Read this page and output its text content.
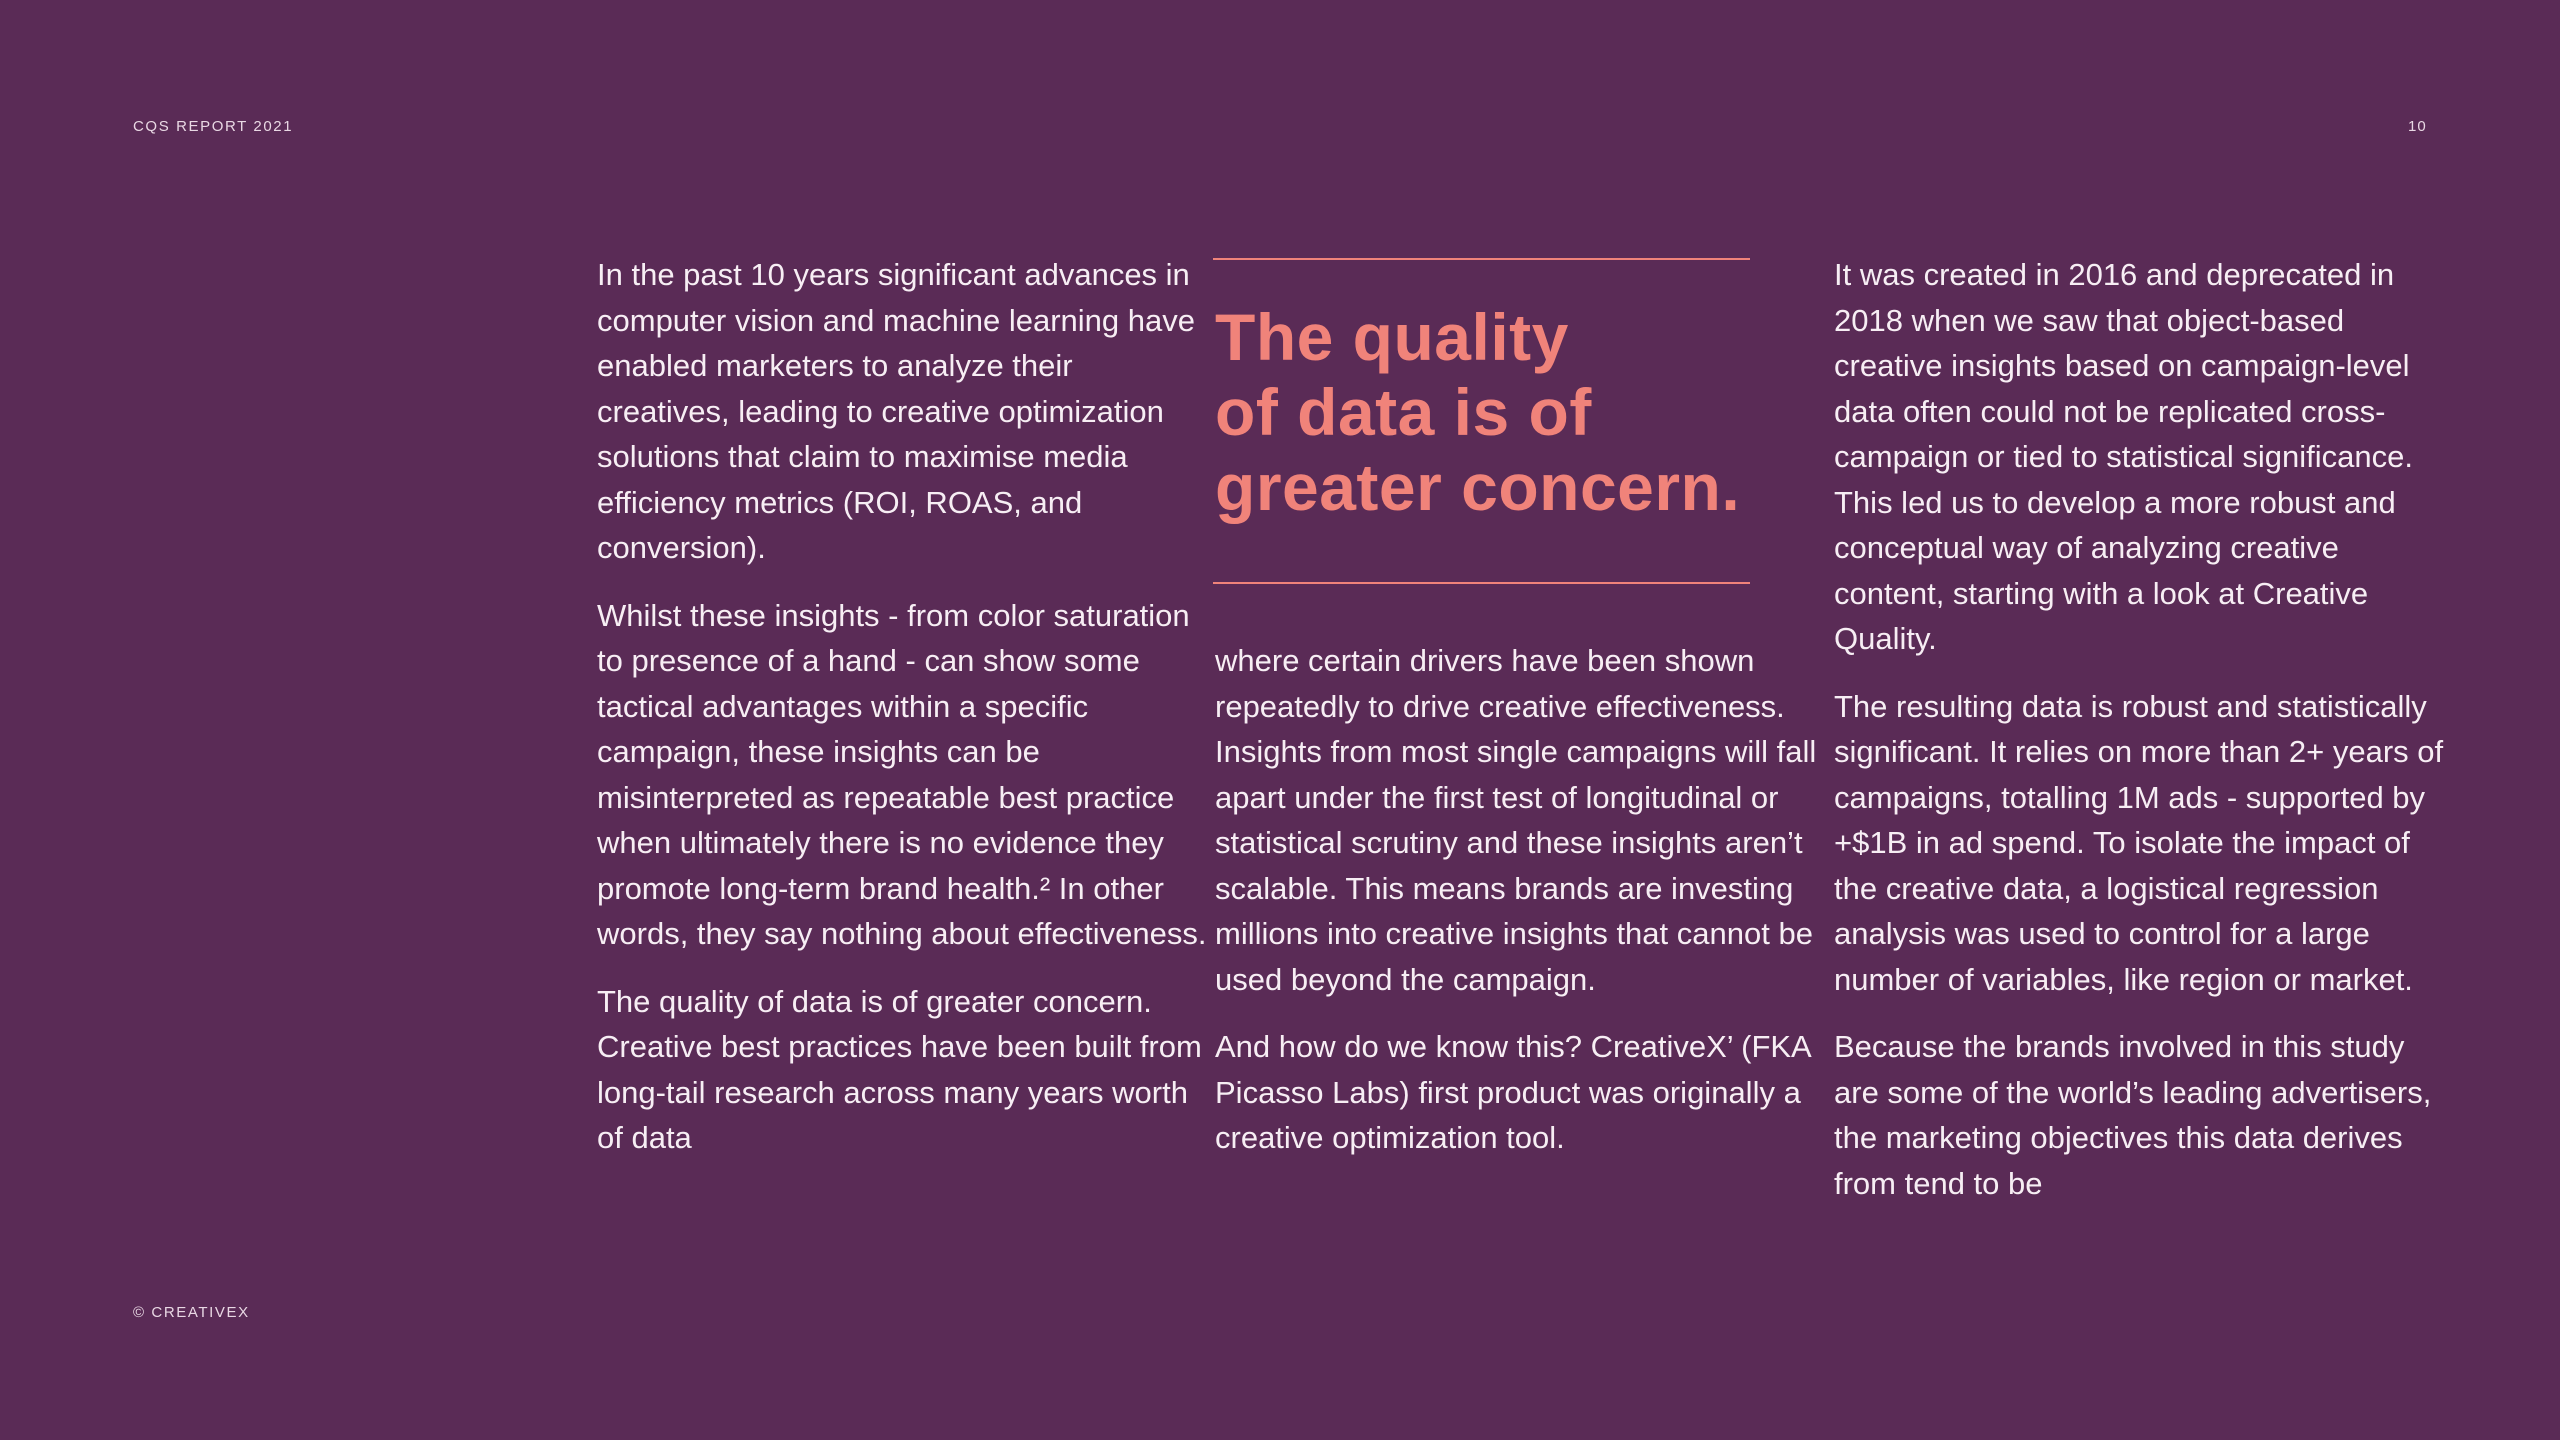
CQS REPORT 2021	10

In the past 10 years significant advances in computer vision and machine learning have enabled marketers to analyze their creatives, leading to creative optimization solutions that claim to maximise media efficiency metrics (ROI, ROAS, and conversion).

Whilst these insights - from color saturation to presence of a hand - can show some tactical advantages within a specific campaign, these insights can be misinterpreted as repeatable best practice when ultimately there is no evidence they promote long-term brand health.² In other words, they say nothing about effectiveness.

The quality of data is of greater concern. Creative best practices have been built from long-tail research across many years worth of data

The quality
of data is of
greater concern.

where certain drivers have been shown repeatedly to drive creative effectiveness. Insights from most single campaigns will fall apart under the first test of longitudinal or statistical scrutiny and these insights aren’t scalable. This means brands are investing millions into creative insights that cannot be used beyond the campaign.

And how do we know this? CreativeX’ (FKA Picasso Labs) first product was originally a creative optimization tool.

It was created in 2016 and deprecated in 2018 when we saw that object-based creative insights based on campaign-level data often could not be replicated cross-campaign or tied to statistical significance. This led us to develop a more robust and conceptual way of analyzing creative content, starting with a look at Creative Quality.

The resulting data is robust and statistically significant. It relies on more than 2+ years of campaigns, totalling 1M ads - supported by +$1B in ad spend. To isolate the impact of the creative data, a logistical regression analysis was used to control for a large number of variables, like region or market.

Because the brands involved in this study are some of the world’s leading advertisers, the marketing objectives this data derives from tend to be

© CREATIVEX
